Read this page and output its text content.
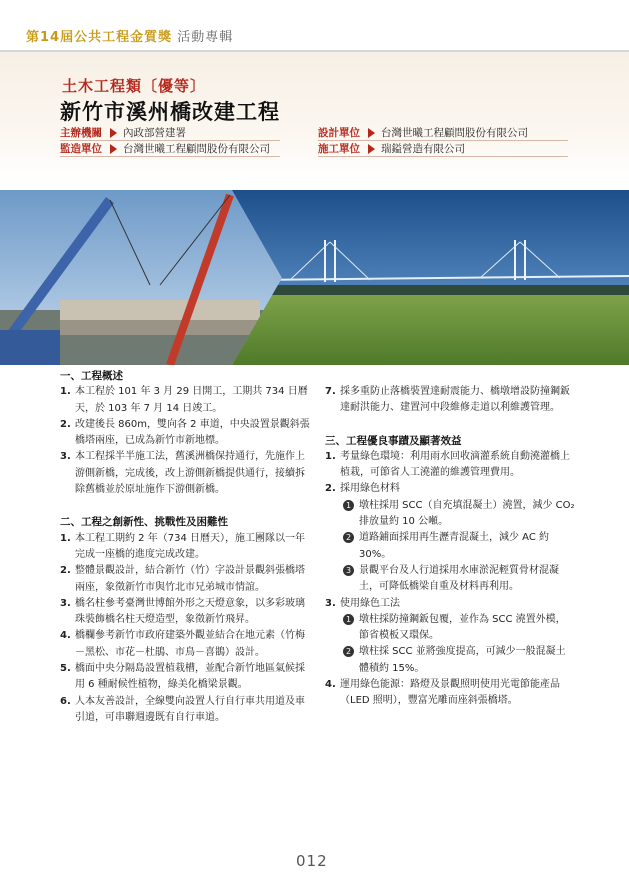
第14屆公共工程金質獎 活動專輯
土木工程類〔優等〕
新竹市溪州橋改建工程
主辦機關 內政部營建署	設計單位 台灣世曦工程顧問股份有限公司
監造單位 台灣世曦工程顧問股份有限公司	施工單位 瑞鎰營造有限公司
一、工程概述
1. 本工程於 101 年 3 月 29 日開工，工期共 734 日曆天，於 103 年 7 月 14 日竣工。
2. 改建後長 860m，雙向各 2 車道，中央設置景觀斜張橋塔兩座，已成為新竹市新地標。
3. 本工程採半半施工法，舊溪洲橋保持通行，先施作上游側新橋，完成後，改上游側新橋提供通行，接續拆除舊橋並於原址施作下游側新橋。
二、工程之創新性、挑戰性及困難性
1. 本工程工期約 2 年（734 日曆天），施工團隊以一年完成一座橋的進度完成改建。
2. 整體景觀設計，結合新竹（竹）字設計景觀斜張橋塔兩座，象徵新竹市與竹北市兄弟城市情誼。
3. 橋名柱參考臺灣世博館外形之天燈意象，以多彩玻璃珠裝飾橋名柱天燈造型，象徵新竹飛昇。
4. 橋欄參考新竹市政府建築外觀並結合在地元素（竹梅－黑松、市花－杜鵑、市鳥－喜鵲）設計。
5. 橋面中央分隔島設置植栽槽，並配合新竹地區氣候採用 6 種耐候性植物，綠美化橋梁景觀。
6. 人本友善設計，全線雙向設置人行自行車共用道及車引道，可串聯週邊既有自行車道。
7. 採多重防止落橋裝置達耐震能力、橋墩增設防撞鋼鈑達耐洪能力、建置河中段維修走道以利維護管理。
三、工程優良事蹟及顯著效益
1. 考量綠色環境：利用雨水回收滴灌系統自動澆灌橋上植栽，可節省人工澆灌的維護管理費用。
2. 採用綠色材料
1 墩柱採用 SCC（自充填混凝土）澆置，減少 CO₂ 排放量約 10 公噸。
2 道路鋪面採用再生瀝青混凝土，減少 AC 約 30%。
3 景觀平台及人行道採用水庫淤泥輕質骨材混凝土，可降低橋梁自重及材料再利用。
3. 使用綠色工法
1 墩柱採防撞鋼鈑包覆，並作為 SCC 澆置外模，節省模板又環保。
2 墩柱採 SCC 並將強度提高，可減少一般混凝土體積約 15%。
4. 運用綠色能源：路燈及景觀照明使用光電節能產品（LED 照明），豐富光雕而座斜張橋塔。
012
